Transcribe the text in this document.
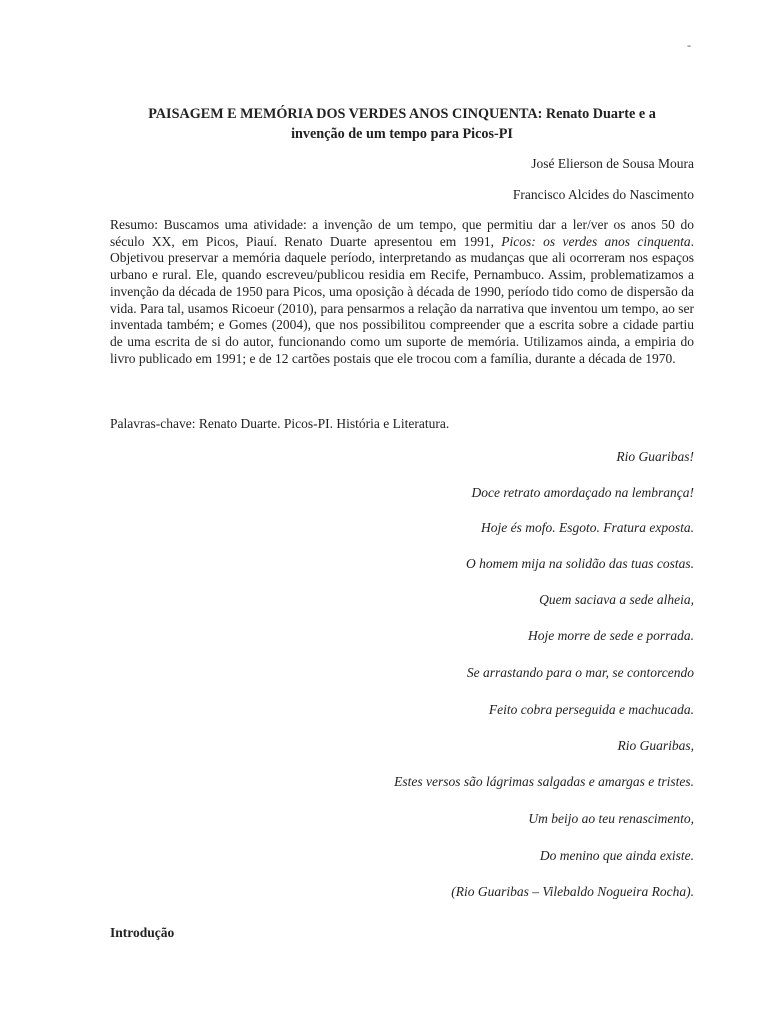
-
PAISAGEM E MEMÓRIA DOS VERDES ANOS CINQUENTA: Renato Duarte e a
invenção de um tempo para Picos-PI
José Elierson de Sousa Moura
Francisco Alcides do Nascimento

Resumo: Buscamos uma atividade: a invenção de um tempo, que permitiu dar a ler/ver os anos 50 do século XX, em Picos, Piauí. Renato Duarte apresentou em 1991, Picos: os verdes anos cinquenta. Objetivou preservar a memória daquele período, interpretando as mudanças que ali ocorreram nos espaços urbano e rural. Ele, quando escreveu/publicou residia em Recife, Pernambuco. Assim, problematizamos a invenção da década de 1950 para Picos, uma oposição à década de 1990, período tido como de dispersão da vida. Para tal, usamos Ricoeur (2010), para pensarmos a relação da narrativa que inventou um tempo, ao ser inventada também; e Gomes (2004), que nos possibilitou compreender que a escrita sobre a cidade partiu de uma escrita de si do autor, funcionando como um suporte de memória. Utilizamos ainda, a empiria do livro publicado em 1991; e de 12 cartões postais que ele trocou com a família, durante a década de 1970.

Palavras-chave: Renato Duarte. Picos-PI. História e Literatura.
Rio Guaribas!
Doce retrato amordaçado na lembrança!
Hoje és mofo. Esgoto. Fratura exposta.
O homem mija na solidão das tuas costas.
Quem saciava a sede alheia,
Hoje morre de sede e porrada.
Se arrastando para o mar, se contorcendo
Feito cobra perseguida e machucada.
Rio Guaribas,
Estes versos são lágrimas salgadas e amargas e tristes.
Um beijo ao teu renascimento,
Do menino que ainda existe.
(Rio Guaribas – Vilebaldo Nogueira Rocha).
Introdução
